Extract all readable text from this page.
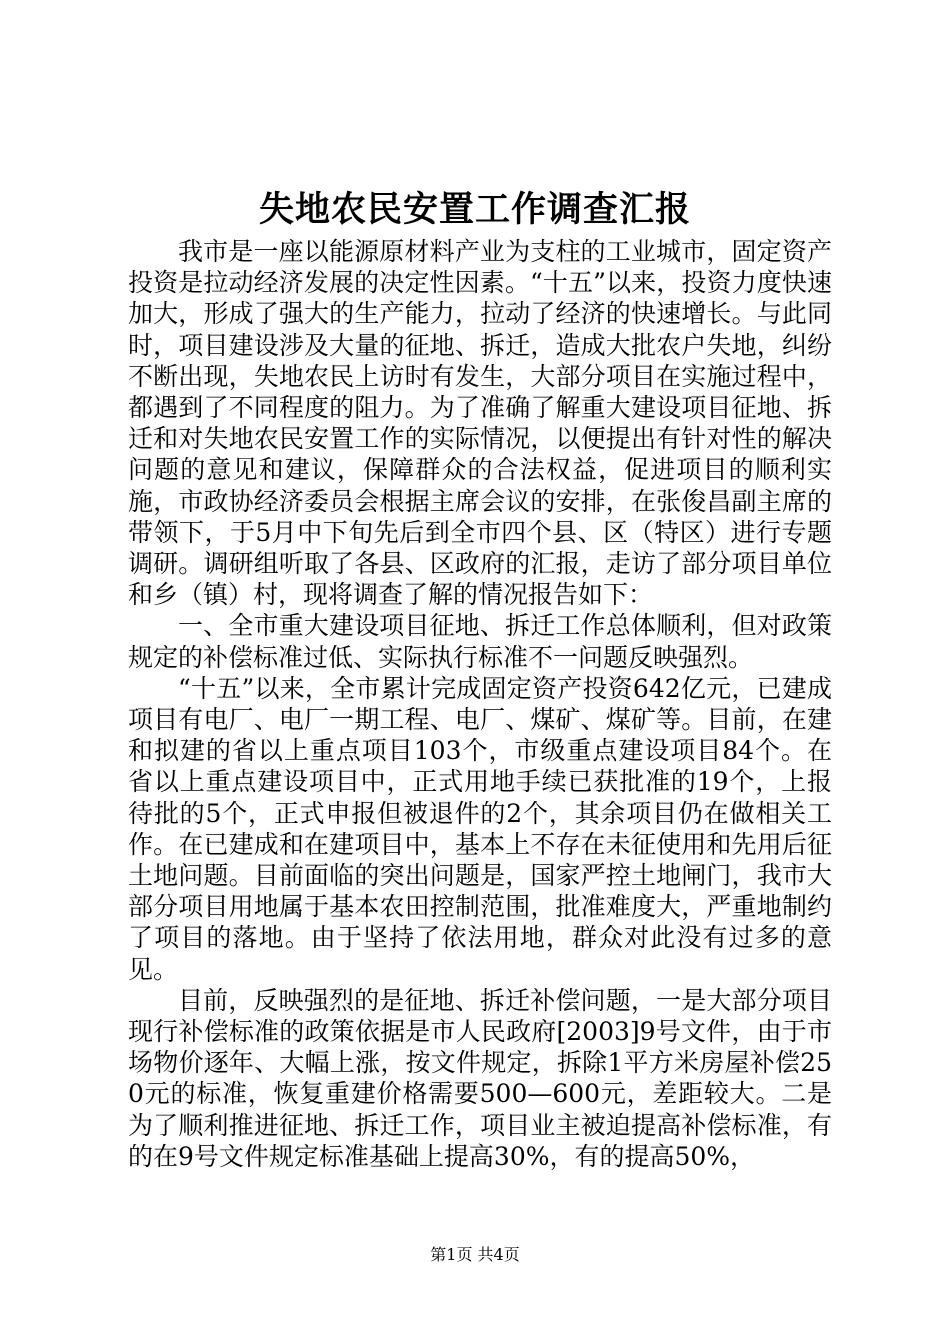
失地农民安置工作调查汇报

我市是一座以能源原材料产业为支柱的工业城市，固定资产投资是拉动经济发展的决定性因素。“十五”以来，投资力度快速加大，形成了强大的生产能力，拉动了经济的快速增长。与此同时，项目建设涉及大量的征地、拆迁，造成大批农户失地，纠纷不断出现，失地农民上访时有发生，大部分项目在实施过程中，都遇到了不同程度的阻力。为了准确了解重大建设项目征地、拆迁和对失地农民安置工作的实际情况，以便提出有针对性的解决问题的意见和建议，保障群众的合法权益，促进项目的顺利实施，市政协经济委员会根据主席会议的安排，在张俊昌副主席的带领下，于5月中下旬先后到全市四个县、区（特区）进行专题调研。调研组听取了各县、区政府的汇报，走访了部分项目单位和乡（镇）村，现将调查了解的情况报告如下：

一、全市重大建设项目征地、拆迁工作总体顺利，但对政策规定的补偿标准过低、实际执行标准不一问题反映强烈。

“十五”以来，全市累计完成固定资产投资642亿元，已建成项目有电厂、电厂一期工程、电厂、煤矿、煤矿等。目前，在建和拟建的省以上重点项目103个，市级重点建设项目84个。在省以上重点建设项目中，正式用地手续已获批准的19个，上报待批的5个，正式申报但被退件的2个，其余项目仍在做相关工作。在已建成和在建项目中，基本上不存在未征使用和先用后征土地问题。目前面临的突出问题是，国家严控土地闸门，我市大部分项目用地属于基本农田控制范围，批准难度大，严重地制约了项目的落地。由于坚持了依法用地，群众对此没有过多的意见。

目前，反映强烈的是征地、拆迁补偿问题，一是大部分项目现行补偿标准的政策依据是市人民政府[2003]9号文件，由于市场物价逐年、大幅上涨，按文件规定，拆除1平方米房屋补偿250元的标准，恢复重建价格需要500—600元，差距较大。二是为了顺利推进征地、拆迁工作，项目业主被迫提高补偿标准，有的在9号文件规定标准基础上提高30%，有的提高50%，

第1页 共4页
